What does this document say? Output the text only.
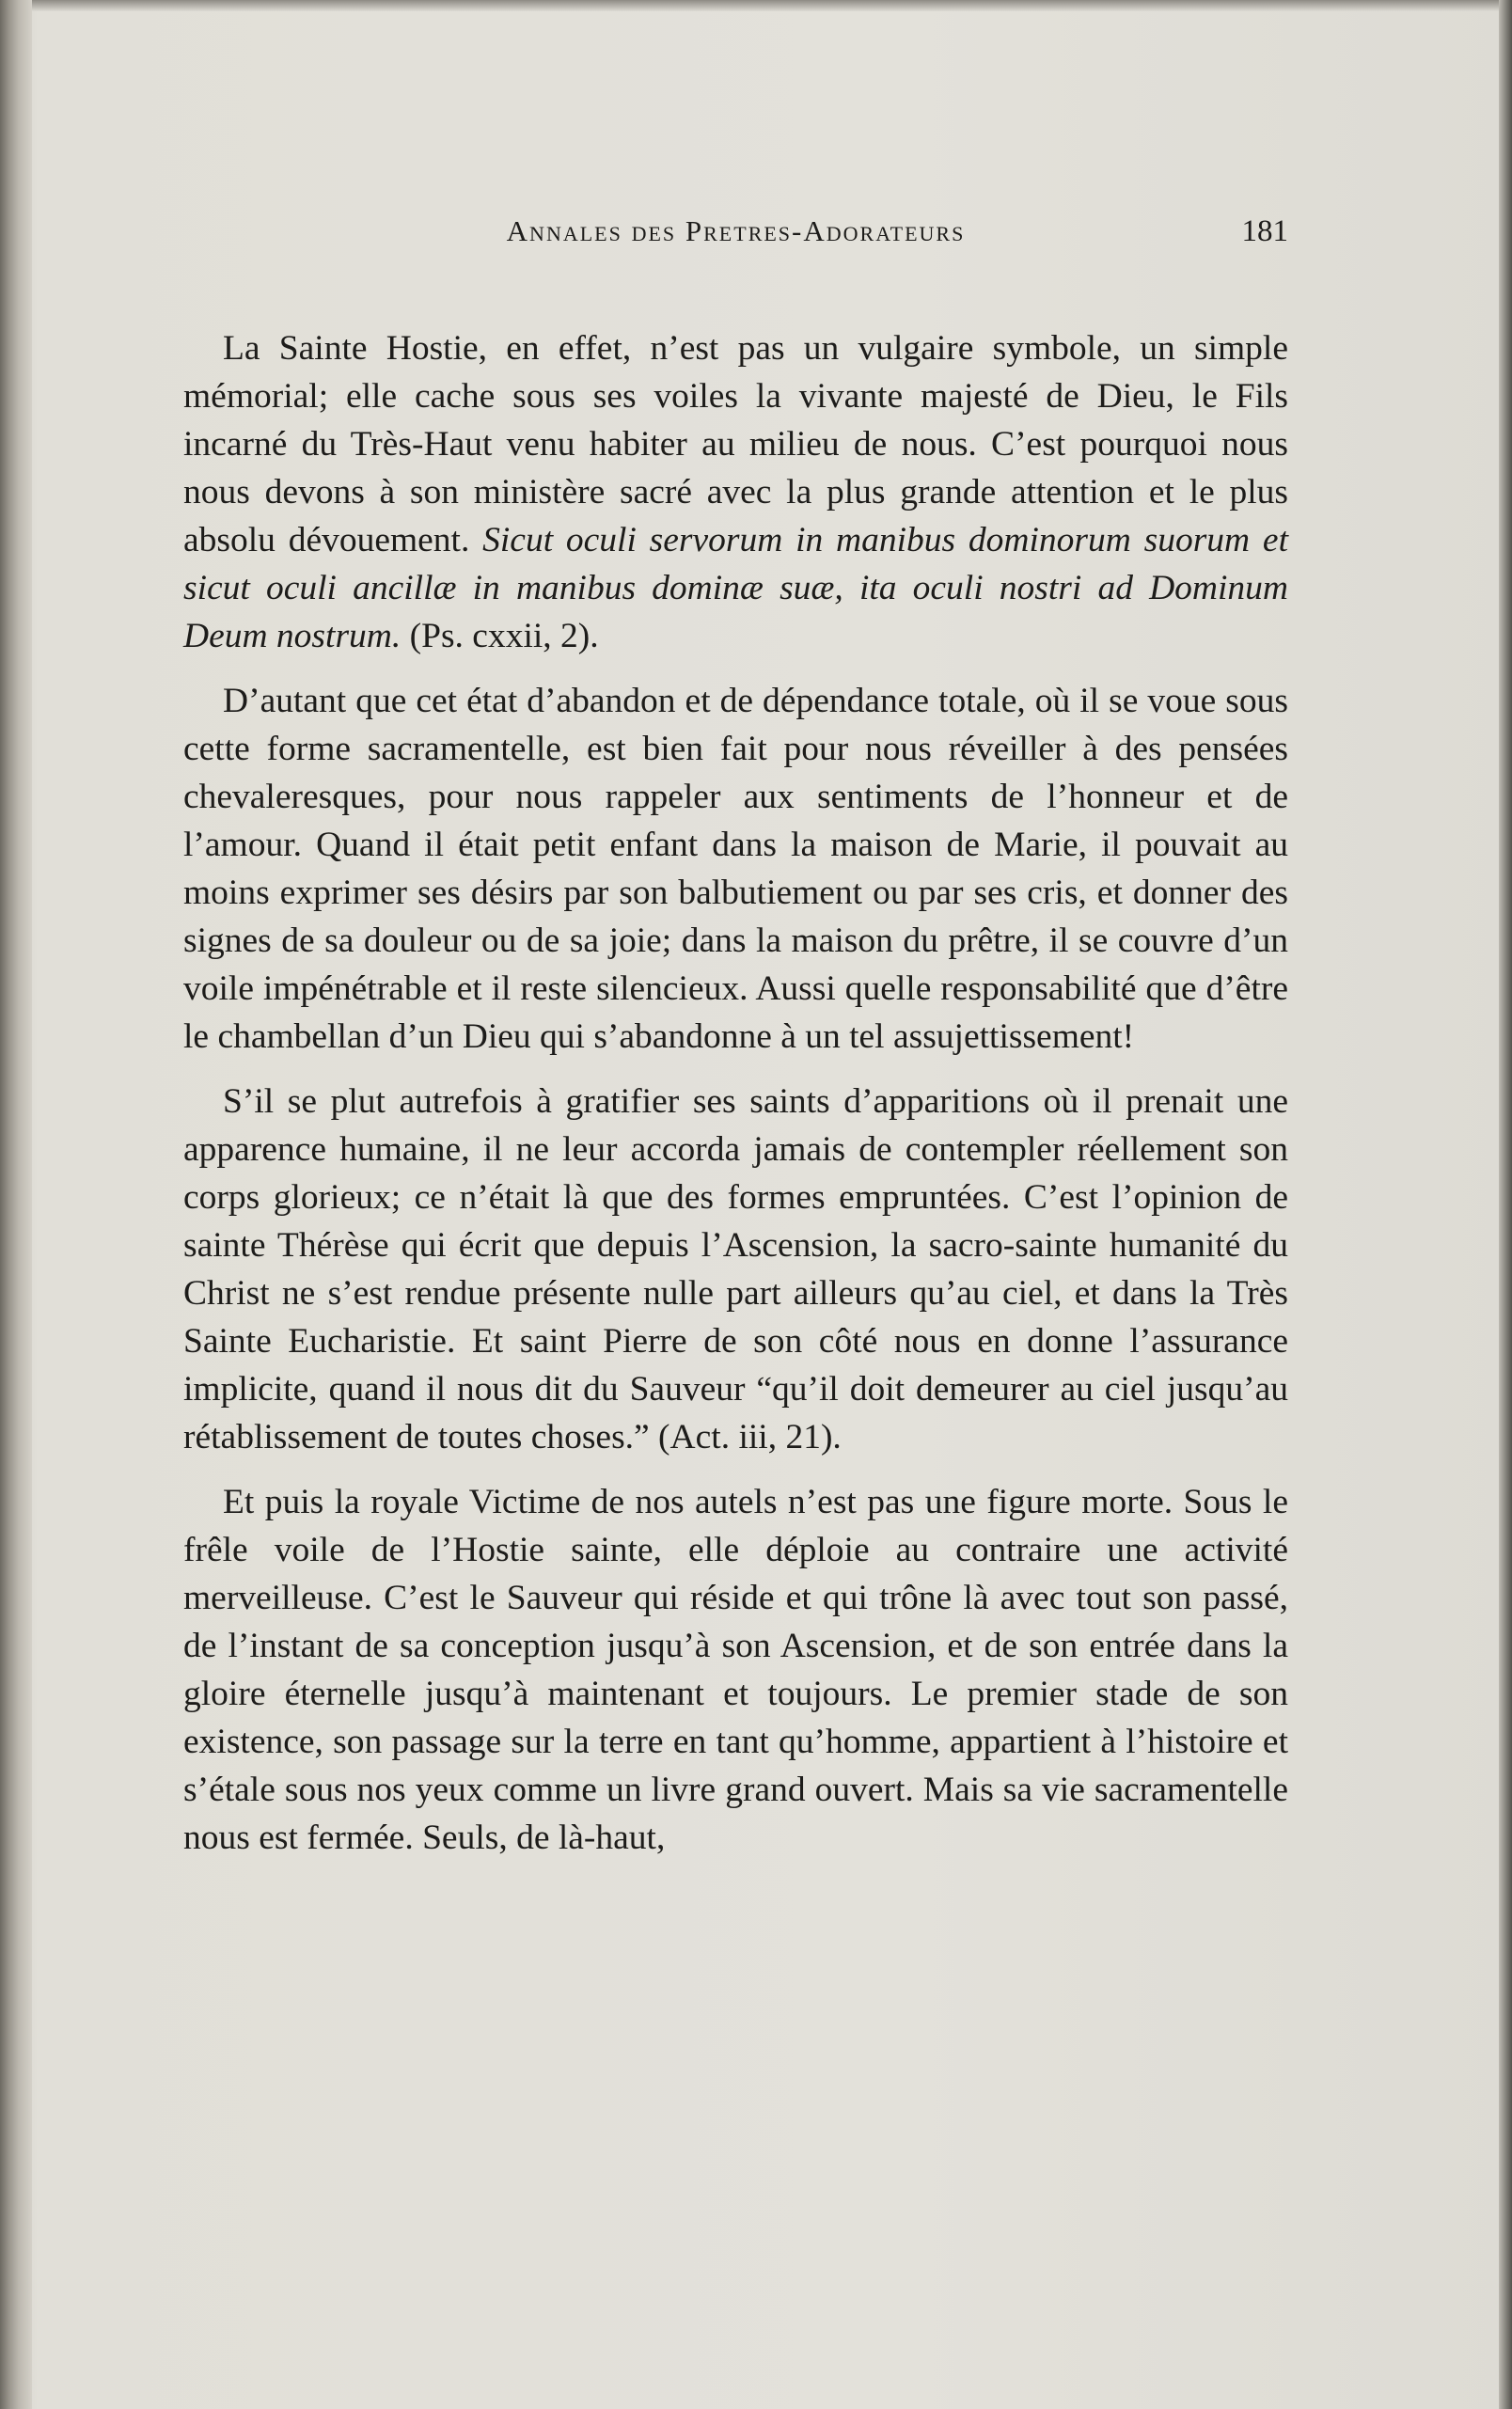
Annales des Pretres-Adorateurs	181

La Sainte Hostie, en effet, n’est pas un vulgaire symbole, un simple mémorial; elle cache sous ses voiles la vivante majesté de Dieu, le Fils incarné du Très-Haut venu habiter au milieu de nous. C’est pourquoi nous nous devons à son ministère sacré avec la plus grande attention et le plus absolu dévouement. Sicut oculi servorum in manibus dominorum suorum et sicut oculi ancillæ in manibus dominæ suæ, ita oculi nostri ad Dominum Deum nostrum. (Ps. cxxii, 2).

D’autant que cet état d’abandon et de dépendance totale, où il se voue sous cette forme sacramentelle, est bien fait pour nous réveiller à des pensées chevaleresques, pour nous rappeler aux sentiments de l’honneur et de l’amour. Quand il était petit enfant dans la maison de Marie, il pouvait au moins exprimer ses désirs par son balbutiement ou par ses cris, et donner des signes de sa douleur ou de sa joie; dans la maison du prêtre, il se couvre d’un voile impénétrable et il reste silencieux. Aussi quelle responsabilité que d’être le chambellan d’un Dieu qui s’abandonne à un tel assujettissement!

S’il se plut autrefois à gratifier ses saints d’apparitions où il prenait une apparence humaine, il ne leur accorda jamais de contempler réellement son corps glorieux; ce n’était là que des formes empruntées. C’est l’opinion de sainte Thérèse qui écrit que depuis l’Ascension, la sacro-sainte humanité du Christ ne s’est rendue présente nulle part ailleurs qu’au ciel, et dans la Très Sainte Eucharistie. Et saint Pierre de son côté nous en donne l’assurance implicite, quand il nous dit du Sauveur “qu’il doit demeurer au ciel jusqu’au rétablissement de toutes choses.” (Act. iii, 21).

Et puis la royale Victime de nos autels n’est pas une figure morte. Sous le frêle voile de l’Hostie sainte, elle déploie au contraire une activité merveilleuse. C’est le Sauveur qui réside et qui trône là avec tout son passé, de l’instant de sa conception jusqu’à son Ascension, et de son entrée dans la gloire éternelle jusqu’à maintenant et toujours. Le premier stade de son existence, son passage sur la terre en tant qu’homme, appartient à l’histoire et s’étale sous nos yeux comme un livre grand ouvert. Mais sa vie sacramentelle nous est fermée. Seuls, de là-haut,
